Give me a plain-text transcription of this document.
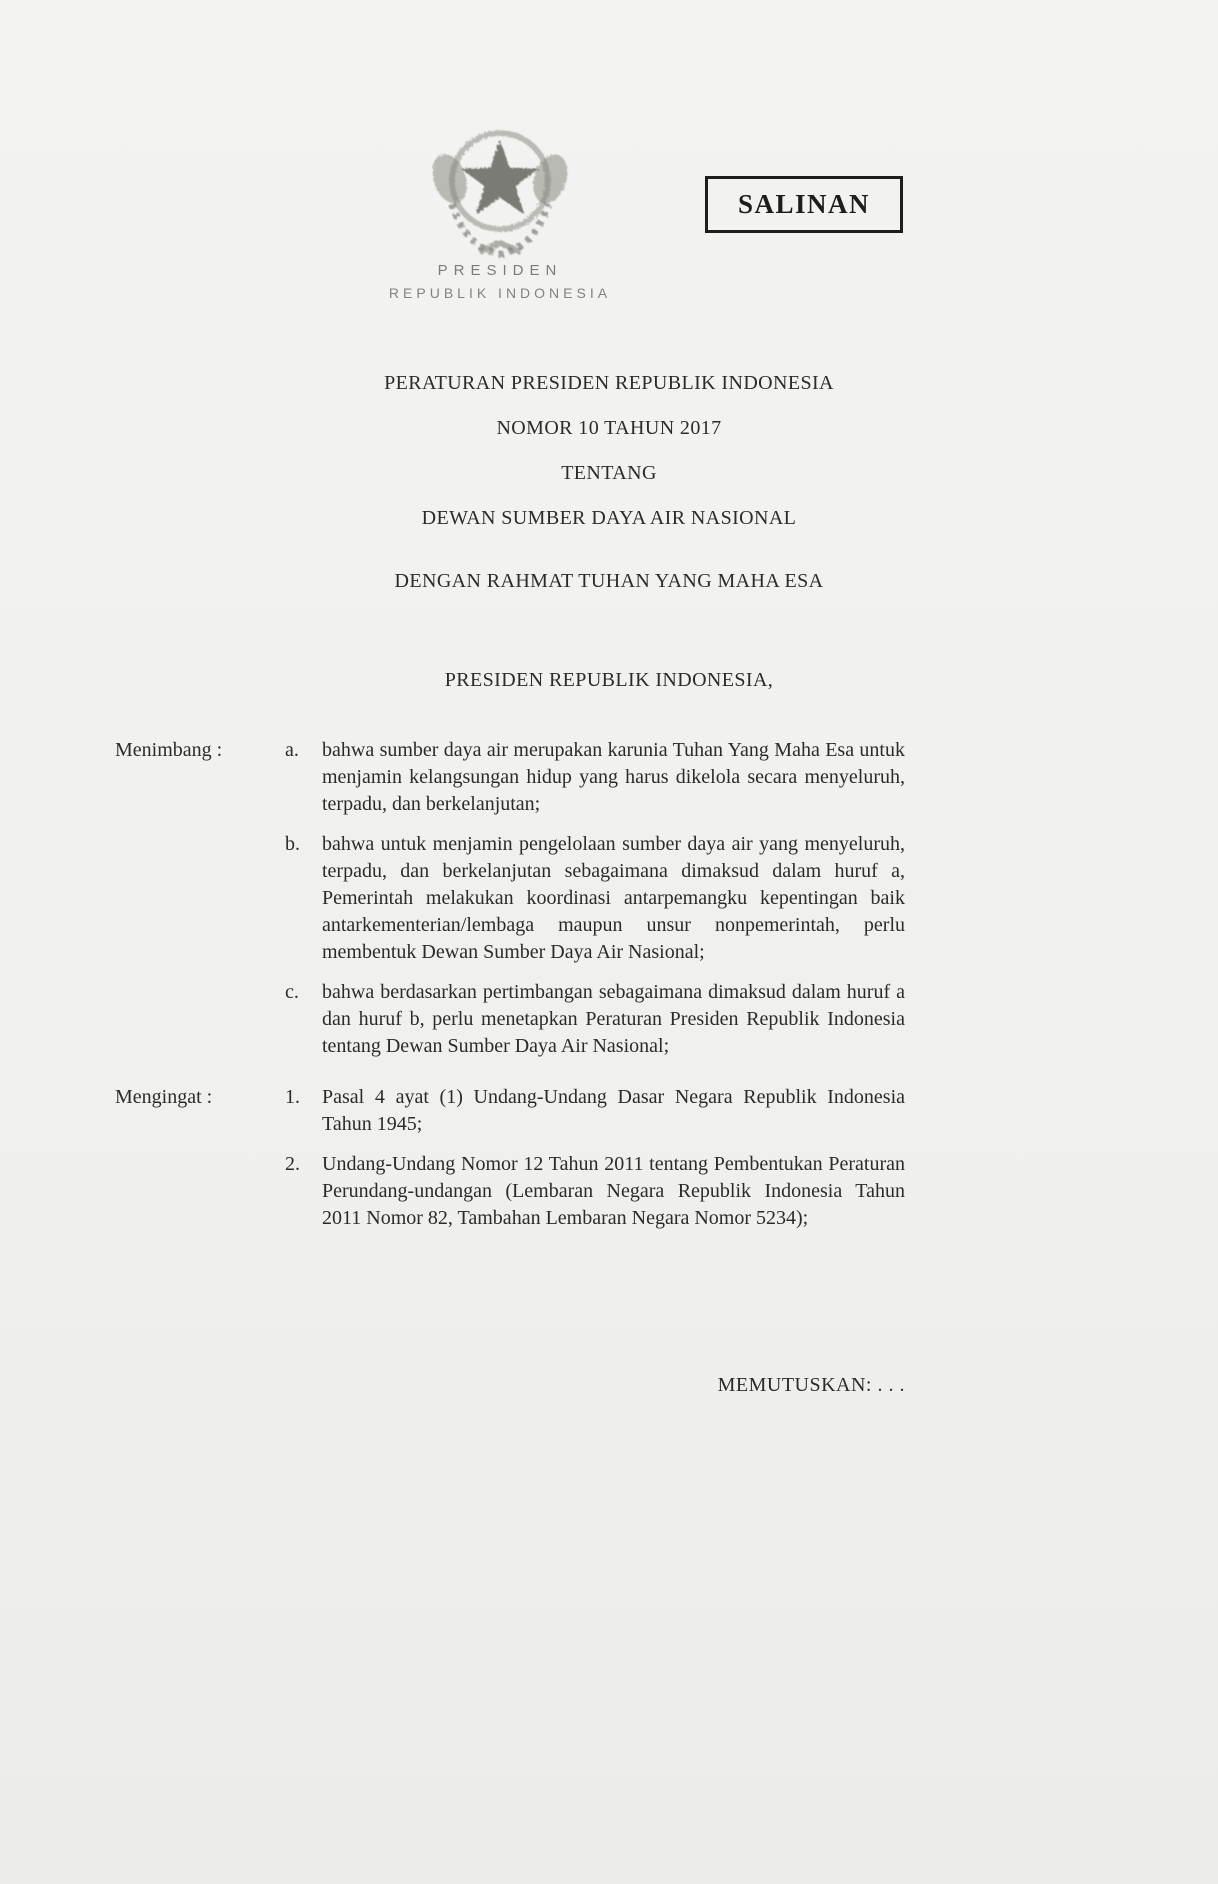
PRESIDEN
REPUBLIK INDONESIA
SALINAN

PERATURAN PRESIDEN REPUBLIK INDONESIA

NOMOR 10 TAHUN 2017

TENTANG

DEWAN SUMBER DAYA AIR NASIONAL

DENGAN RAHMAT TUHAN YANG MAHA ESA

PRESIDEN REPUBLIK INDONESIA,

Menimbang :	a.	bahwa sumber daya air merupakan karunia Tuhan Yang Maha Esa untuk menjamin kelangsungan hidup yang harus dikelola secara menyeluruh, terpadu, dan berkelanjutan;

b.	bahwa untuk menjamin pengelolaan sumber daya air yang menyeluruh, terpadu, dan berkelanjutan sebagaimana dimaksud dalam huruf a, Pemerintah melakukan koordinasi antarpemangku kepentingan baik antarkementerian/lembaga maupun unsur nonpemerintah, perlu membentuk Dewan Sumber Daya Air Nasional;

c.	bahwa berdasarkan pertimbangan sebagaimana dimaksud dalam huruf a dan huruf b, perlu menetapkan Peraturan Presiden Republik Indonesia tentang Dewan Sumber Daya Air Nasional;

Mengingat :	1.	Pasal 4 ayat (1) Undang-Undang Dasar Negara Republik Indonesia Tahun 1945;

2.	Undang-Undang Nomor 12 Tahun 2011 tentang Pembentukan Peraturan Perundang-undangan (Lembaran Negara Republik Indonesia Tahun 2011 Nomor 82, Tambahan Lembaran Negara Nomor 5234);

MEMUTUSKAN: . . .
